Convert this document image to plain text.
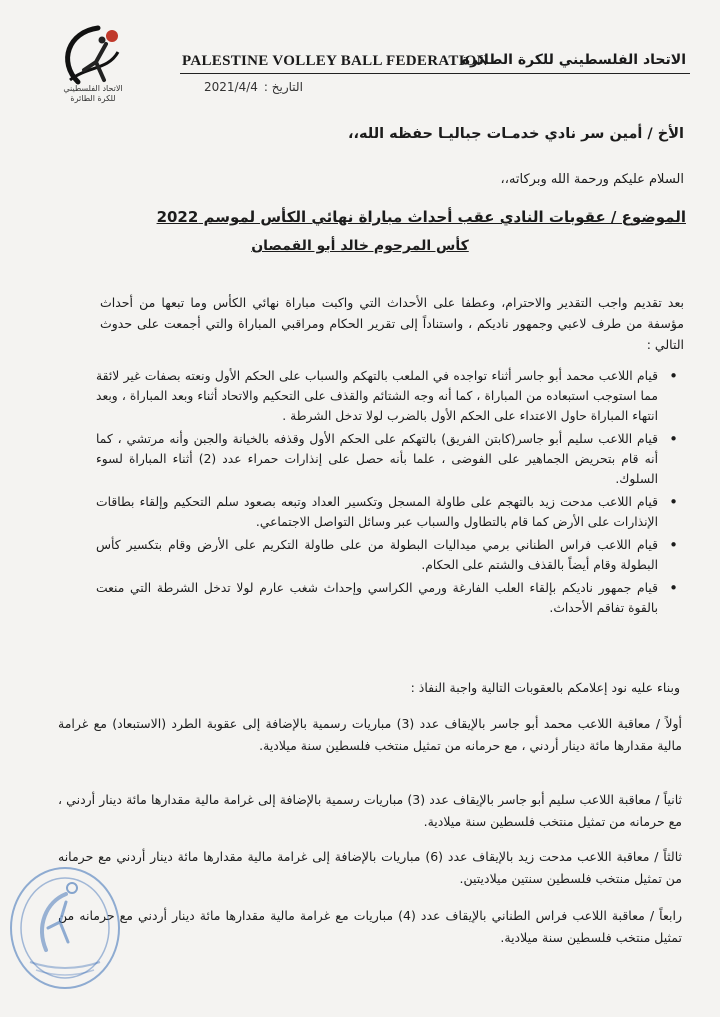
الاتحاد الفلسطيني
للكرة الطائرة
PALESTINE VOLLEY BALL FEDERATION
الاتحاد الفلسطيني للكرة الطائرة
التاريخ :
2021/4/4
الأخ / أمين سر نادي خدمـات جباليـا حفظه الله،،
السلام عليكم ورحمة الله وبركاته،،
الموضوع / عقوبات النادي عقب أحداث مباراة نهائي الكأس لموسم 2022
كأس المرحوم خالد أبو القمصان
بعد تقديم واجب التقدير والاحترام، وعطفا على الأحداث التي واكبت مباراة نهائي الكأس وما تبعها من أحداث مؤسفة من طرف لاعبي وجمهور ناديكم ، واستناداً إلى تقرير الحكام ومراقبي المباراة والتي أجمعت على حدوث التالي :
• قيام اللاعب محمد أبو جاسر أثناء تواجده في الملعب بالتهكم والسباب على الحكم الأول ونعته بصفات غير لائقة مما استوجب استبعاده من المباراة ، كما أنه وجه الشتائم والقذف على التحكيم والاتحاد أثناء وبعد المباراة ، وبعد انتهاء المباراة حاول الاعتداء على الحكم الأول بالضرب لولا تدخل الشرطة .
• قيام اللاعب سليم أبو جاسر(كابتن الفريق) بالتهكم على الحكم الأول وقذفه بالخيانة والجبن وأنه مرتشي ، كما أنه قام بتحريض الجماهير على الفوضى ، علما بأنه حصل على إنذارات حمراء عدد (2) أثناء المباراة لسوء السلوك.
• قيام اللاعب مدحت زيد بالتهجم على طاولة المسجل وتكسير العداد وتبعه بصعود سلم التحكيم وإلقاء بطاقات الإنذارات على الأرض كما قام بالتطاول والسباب عبر وسائل التواصل الاجتماعي.
• قيام اللاعب فراس الطناني برمي ميداليات البطولة من على طاولة التكريم على الأرض وقام بتكسير كأس البطولة وقام أيضاً بالقذف والشتم على الحكام.
• قيام جمهور ناديكم بإلقاء العلب الفارغة ورمي الكراسي وإحداث شغب عارم لولا تدخل الشرطة التي منعت بالقوة تفاقم الأحداث.
وبناء عليه نود إعلامكم بالعقوبات التالية واجبة النفاذ :
أولاً / معاقبة اللاعب محمد أبو جاسر بالإيقاف عدد (3) مباريات رسمية بالإضافة إلى عقوبة الطرد (الاستبعاد) مع غرامة مالية مقدارها مائة دينار أردني ، مع حرمانه من تمثيل منتخب فلسطين سنة ميلادية.
ثانياً / معاقبة اللاعب سليم أبو جاسر بالإيقاف عدد (3) مباريات رسمية بالإضافة إلى غرامة مالية مقدارها مائة دينار أردني ، مع حرمانه من تمثيل منتخب فلسطين سنة ميلادية.
ثالثاً / معاقبة اللاعب مدحت زيد بالإيقاف عدد (6) مباريات بالإضافة إلى غرامة مالية مقدارها مائة دينار أردني مع حرمانه من تمثيل منتخب فلسطين سنتين ميلاديتين.
رابعاً / معاقبة اللاعب فراس الطناني بالإيقاف عدد (4) مباريات مع غرامة مالية مقدارها مائة دينار أردني مع حرمانه من تمثيل منتخب فلسطين سنة ميلادية.
